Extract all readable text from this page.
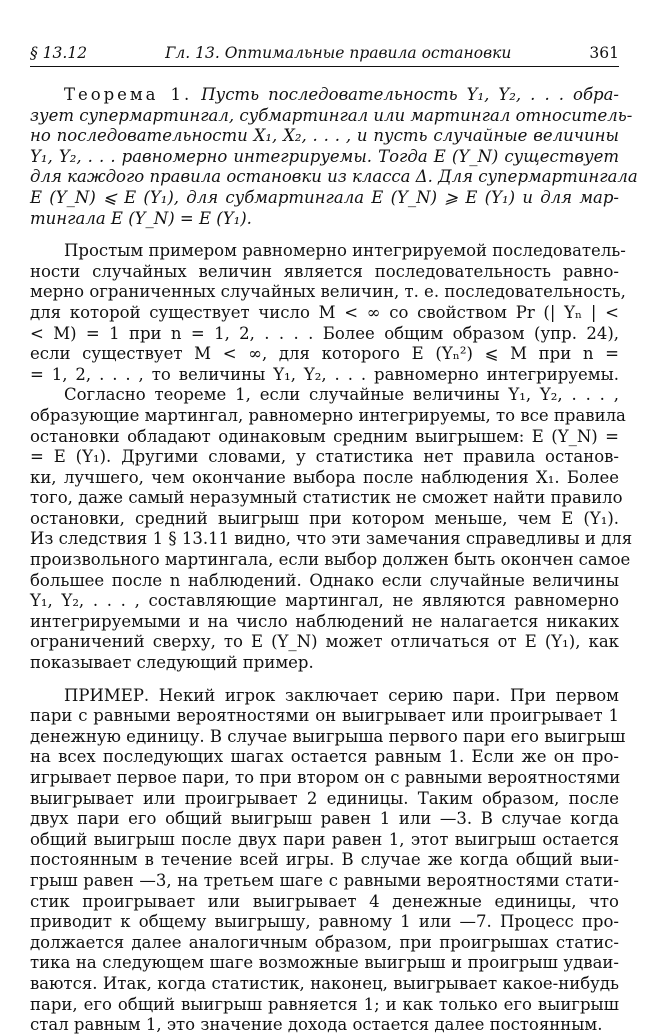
§ 13.12	Гл. 13. Оптимальные правила остановки	361
Теорема 1. Пусть последовательность Y₁, Y₂, . . . обра-
зует супермартингал, субмартингал или мартингал относитель-
но последовательности X₁, X₂, . . . , и пусть случайные величины
Y₁, Y₂, . . . равномерно интегрируемы. Тогда E (Y_N) существует
для каждого правила остановки из класса Δ. Для супермартингала
E (Y_N) ⩽ E (Y₁), для субмартингала E (Y_N) ⩾ E (Y₁) и для мар-
тингала E (Y_N) = E (Y₁).
Простым примером равномерно интегрируемой последователь-
ности случайных величин является последовательность равно-
мерно ограниченных случайных величин, т. е. последовательность,
для которой существует число M < ∞ со свойством Pr (| Yₙ | <
< M) = 1 при n = 1, 2, . . . . Более общим образом (упр. 24),
если существует M < ∞, для которого E (Yₙ²) ⩽ M при n =
= 1, 2, . . . , то величины Y₁, Y₂, . . . равномерно интегрируемы.
Согласно теореме 1, если случайные величины Y₁, Y₂, . . . ,
образующие мартингал, равномерно интегрируемы, то все правила
остановки обладают одинаковым средним выигрышем: E (Y_N) =
= E (Y₁). Другими словами, у статистика нет правила останов-
ки, лучшего, чем окончание выбора после наблюдения X₁. Более
того, даже самый неразумный статистик не сможет найти правило
остановки, средний выигрыш при котором меньше, чем E (Y₁).
Из следствия 1 § 13.11 видно, что эти замечания справедливы и для
произвольного мартингала, если выбор должен быть окончен самое
большее после n наблюдений. Однако если случайные величины
Y₁, Y₂, . . . , составляющие мартингал, не являются равномерно
интегрируемыми и на число наблюдений не налагается никаких
ограничений сверху, то E (Y_N) может отличаться от E (Y₁), как
показывает следующий пример.
ПРИМЕР. Некий игрок заключает серию пари. При первом
пари с равными вероятностями он выигрывает или проигрывает 1
денежную единицу. В случае выигрыша первого пари его выигрыш
на всех последующих шагах остается равным 1. Если же он про-
игрывает первое пари, то при втором он с равными вероятностями
выигрывает или проигрывает 2 единицы. Таким образом, после
двух пари его общий выигрыш равен 1 или —3. В случае когда
общий выигрыш после двух пари равен 1, этот выигрыш остается
постоянным в течение всей игры. В случае же когда общий выи-
грыш равен —3, на третьем шаге с равными вероятностями стати-
стик проигрывает или выигрывает 4 денежные единицы, что
приводит к общему выигрышу, равному 1 или —7. Процесс про-
должается далее аналогичным образом, при проигрышах статис-
тика на следующем шаге возможные выигрыш и проигрыш удваи-
ваются. Итак, когда статистик, наконец, выигрывает какое-нибудь
пари, его общий выигрыш равняется 1; и как только его выигрыш
стал равным 1, это значение дохода остается далее постоянным.
